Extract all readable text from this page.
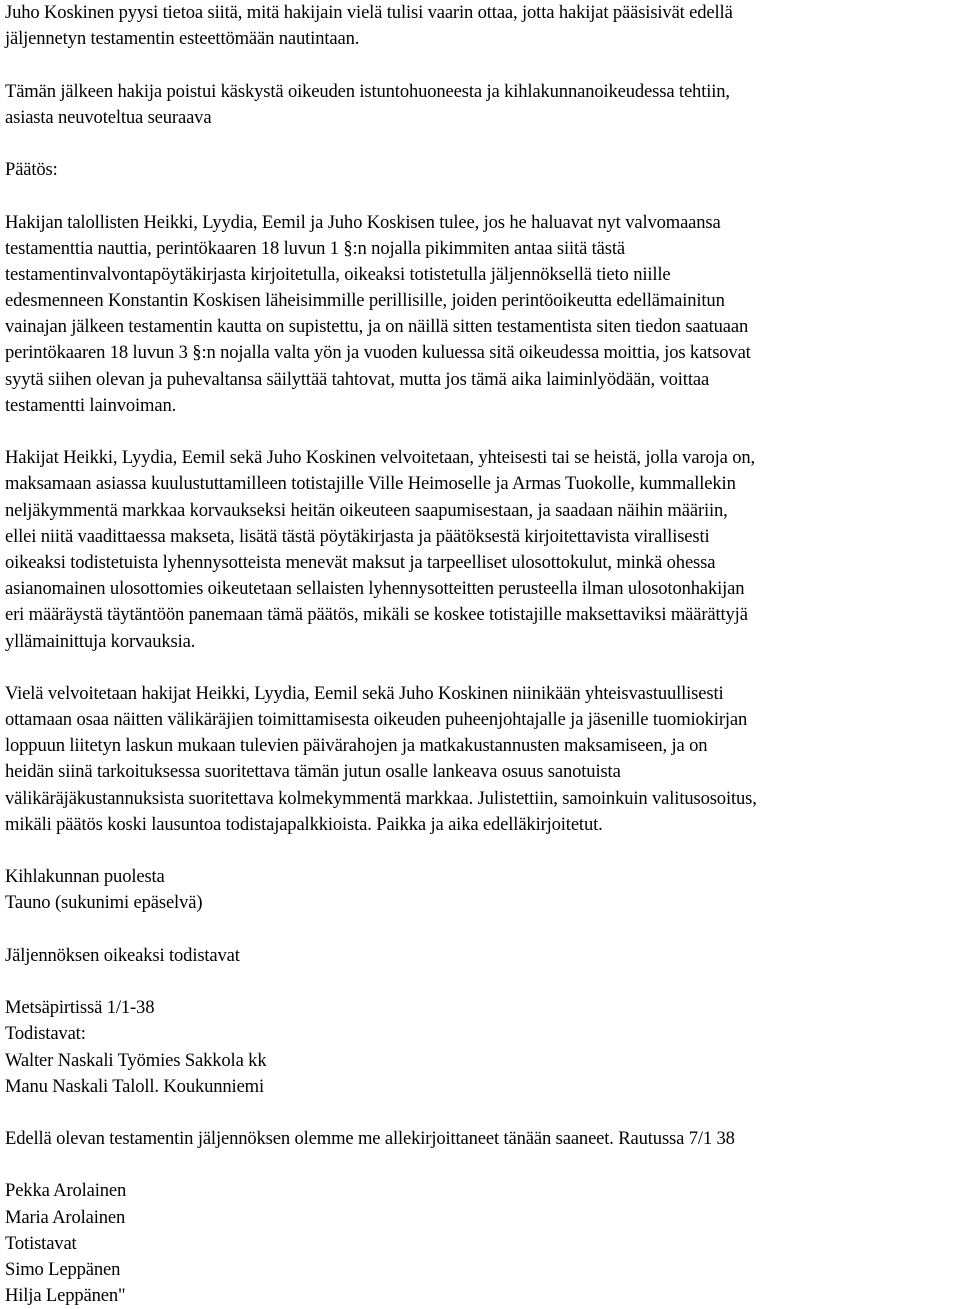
Juho Koskinen pyysi tietoa siitä, mitä hakijain vielä tulisi vaarin ottaa, jotta hakijat pääsisivät edellä
jäljennetyn testamentin esteettömään nautintaan.
Tämän jälkeen hakija poistui käskystä oikeuden istuntohuoneesta ja kihlakunnanoikeudessa tehtiin,
asiasta neuvoteltua seuraava
Päätös:
Hakijan talollisten Heikki, Lyydia, Eemil ja Juho Koskisen tulee, jos he haluavat nyt valvomaansa
testamenttia nauttia, perintökaaren 18 luvun 1 §:n nojalla pikimmiten antaa siitä tästä
testamentinvalvontapöytäkirjasta kirjoitetulla, oikeaksi totistetulla jäljennöksellä tieto niille
edesmenneen Konstantin Koskisen läheisimmille perillisille, joiden perintöoikeutta edellämainitun
vainajan jälkeen testamentin kautta on supistettu, ja on näillä sitten testamentista siten tiedon saatuaan
perintökaaren 18 luvun 3 §:n nojalla valta yön ja vuoden kuluessa sitä oikeudessa moittia, jos katsovat
syytä siihen olevan ja puhevaltansa säilyttää tahtovat, mutta jos tämä aika laiminlyödään, voittaa
testamentti lainvoiman.
Hakijat Heikki, Lyydia, Eemil sekä Juho Koskinen velvoitetaan, yhteisesti tai se heistä, jolla varoja on,
maksamaan asiassa kuulustuttamilleen totistajille Ville Heimoselle ja Armas Tuokolle, kummallekin
neljäkymmentä markkaa korvaukseksi heitän oikeuteen saapumisestaan, ja saadaan näihin määriin,
ellei niitä vaadittaessa makseta, lisätä tästä pöytäkirjasta ja päätöksestä kirjoitettavista virallisesti
oikeaksi todistetuista lyhennysotteista menevät maksut ja tarpeelliset ulosottokulut, minkä ohessa
asianomainen ulosottomies oikeutetaan sellaisten lyhennysotteitten perusteella ilman ulosotonhakijan
eri määräystä täytäntöön panemaan tämä päätös, mikäli se koskee totistajille maksettaviksi määrättyjä
yllämainittuja korvauksia.
Vielä velvoitetaan hakijat Heikki, Lyydia, Eemil sekä Juho Koskinen niinikään yhteisvastuullisesti
ottamaan osaa näitten välikäräjien toimittamisesta oikeuden puheenjohtajalle ja jäsenille tuomiokirjan
loppuun liitetyn laskun mukaan tulevien päivärahojen ja matkakustannusten maksamiseen, ja on
heidän siinä tarkoituksessa suoritettava tämän jutun osalle lankeava osuus sanotuista
välikäräjäkustannuksista suoritettava kolmekymmentä markkaa. Julistettiin, samoinkuin valitusosoitus,
mikäli päätös koski lausuntoa todistajapalkkioista. Paikka ja aika edelläkirjoitetut.
Kihlakunnan puolesta
Tauno (sukunimi epäselvä)
Jäljennöksen oikeaksi todistavat
Metsäpirtissä 1/1-38
Todistavat:
Walter Naskali Työmies Sakkola kk
Manu Naskali Taloll. Koukunniemi
Edellä olevan testamentin jäljennöksen olemme me allekirjoittaneet tänään saaneet. Rautussa 7/1 38
Pekka Arolainen
Maria Arolainen
Totistavat
Simo Leppänen
Hilja Leppänen"
